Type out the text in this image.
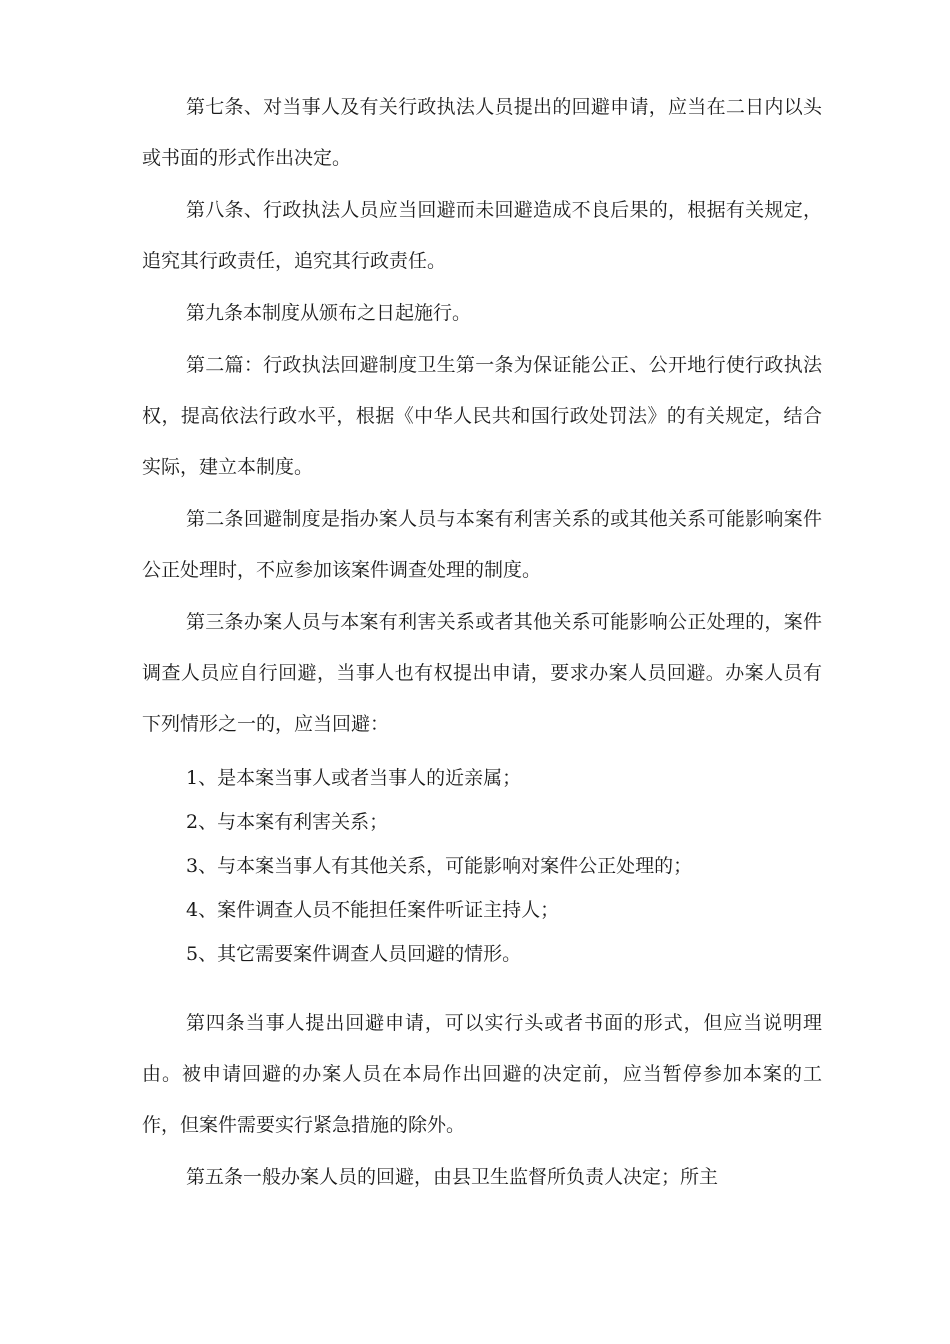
第七条、对当事人及有关行政执法人员提出的回避申请，应当在二日内以头或书面的形式作出决定。

第八条、行政执法人员应当回避而未回避造成不良后果的，根据有关规定，追究其行政责任，追究其行政责任。

第九条本制度从颁布之日起施行。

第二篇：行政执法回避制度卫生第一条为保证能公正、公开地行使行政执法权，提高依法行政水平，根据《中华人民共和国行政处罚法》的有关规定，结合实际，建立本制度。

第二条回避制度是指办案人员与本案有利害关系的或其他关系可能影响案件公正处理时，不应参加该案件调查处理的制度。

第三条办案人员与本案有利害关系或者其他关系可能影响公正处理的，案件调查人员应自行回避，当事人也有权提出申请，要求办案人员回避。办案人员有下列情形之一的，应当回避：

1、是本案当事人或者当事人的近亲属；

2、与本案有利害关系；

3、与本案当事人有其他关系，可能影响对案件公正处理的；

4、案件调查人员不能担任案件听证主持人；

5、其它需要案件调查人员回避的情形。

第四条当事人提出回避申请，可以实行头或者书面的形式，但应当说明理由。被申请回避的办案人员在本局作出回避的决定前，应当暂停参加本案的工作，但案件需要实行紧急措施的除外。

第五条一般办案人员的回避，由县卫生监督所负责人决定；所主
